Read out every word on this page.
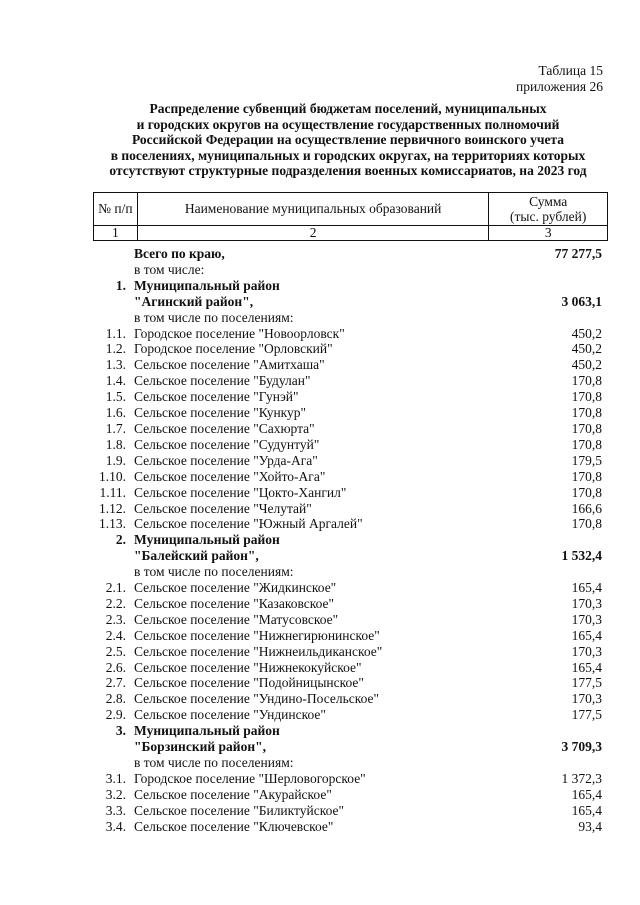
Таблица 15
приложения 26
Распределение субвенций бюджетам поселений, муниципальных
и городских округов на осуществление государственных полномочий
Российской Федерации на осуществление первичного воинского учета
в поселениях, муниципальных и городских округах, на территориях которых
отсутствуют структурные подразделения военных комиссариатов, на 2023 год
№ п/п	Наименование муниципальных образований	Сумма
(тыс. рублей)

1	2	3
Всего по краю,	77 277,5
в том числе:
1. Муниципальный район
"Агинский район",	3 063,1
в том числе по поселениям:
1.1. Городское поселение "Новоорловск"	450,2
1.2. Городское поселение "Орловский"	450,2
1.3. Сельское поселение "Амитхаша"	450,2
1.4. Сельское поселение "Будулан"	170,8
1.5. Сельское поселение "Гунэй"	170,8
1.6. Сельское поселение "Кункур"	170,8
1.7. Сельское поселение "Сахюрта"	170,8
1.8. Сельское поселение "Судунтуй"	170,8
1.9. Сельское поселение "Урда-Ага"	179,5
1.10. Сельское поселение "Хойто-Ага"	170,8
1.11. Сельское поселение "Цокто-Хангил"	170,8
1.12. Сельское поселение "Челутай"	166,6
1.13. Сельское поселение "Южный Аргалей"	170,8
2. Муниципальный район
"Балейский район",	1 532,4
в том числе по поселениям:
2.1. Сельское поселение "Жидкинское"	165,4
2.2. Сельское поселение "Казаковское"	170,3
2.3. Сельское поселение "Матусовское"	170,3
2.4. Сельское поселение "Нижнегирюнинское"	165,4
2.5. Сельское поселение "Нижнеильдиканское"	170,3
2.6. Сельское поселение "Нижнекокуйское"	165,4
2.7. Сельское поселение "Подойницынское"	177,5
2.8. Сельское поселение "Ундино-Посельское"	170,3
2.9. Сельское поселение "Ундинское"	177,5
3. Муниципальный район
"Борзинский район",	3 709,3
в том числе по поселениям:
3.1. Городское поселение "Шерловогорское"	1 372,3
3.2. Сельское поселение "Акурайское"	165,4
3.3. Сельское поселение "Биликтуйское"	165,4
3.4. Сельское поселение "Ключевское"	93,4
